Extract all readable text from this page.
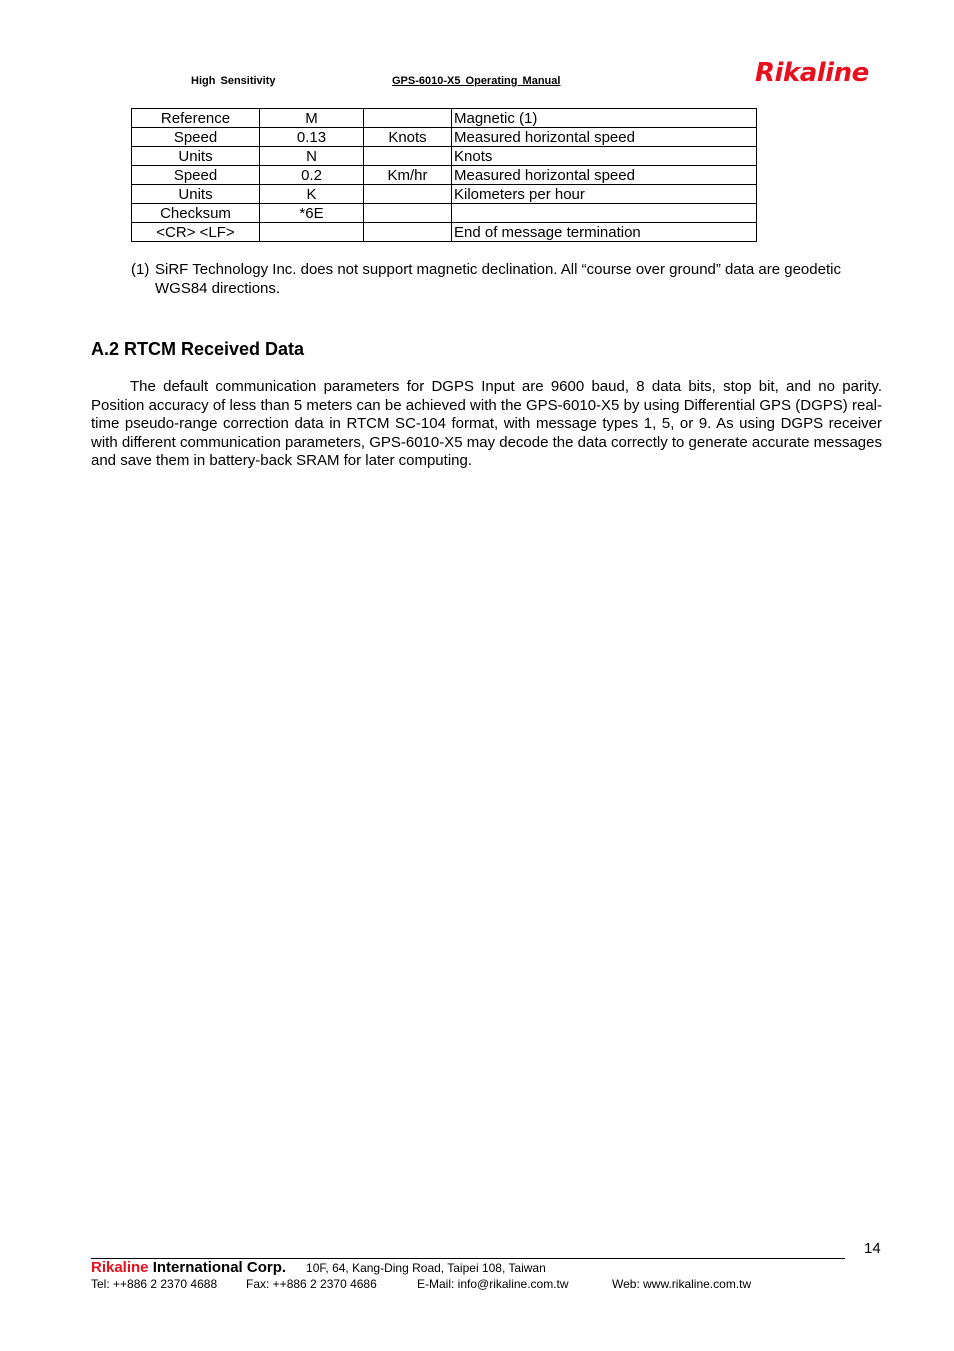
High Sensitivity	GPS-6010-X5 Operating Manual	Rikaline
Reference	M		Magnetic (1)
Speed	0.13	Knots	Measured horizontal speed
Units	N		Knots
Speed	0.2	Km/hr	Measured horizontal speed
Units	K		Kilometers per hour
Checksum	*6E		
<CR> <LF>			End of message termination
(1) SiRF Technology Inc. does not support magnetic declination. All “course over ground” data are geodetic WGS84 directions.
A.2 RTCM Received Data
The default communication parameters for DGPS Input are 9600 baud, 8 data bits, stop bit, and no parity. Position accuracy of less than 5 meters can be achieved with the GPS-6010-X5 by using Differential GPS (DGPS) real-time pseudo-range correction data in RTCM SC-104 format, with message types 1, 5, or 9. As using DGPS receiver with different communication parameters, GPS-6010-X5 may decode the data correctly to generate accurate messages and save them in battery-back SRAM for later computing.
14
Rikaline International Corp. 10F, 64, Kang-Ding Road, Taipei 108, Taiwan
Tel: ++886 2 2370 4688 Fax: ++886 2 2370 4686	E-Mail: info@rikaline.com.tw	Web: www.rikaline.com.tw
